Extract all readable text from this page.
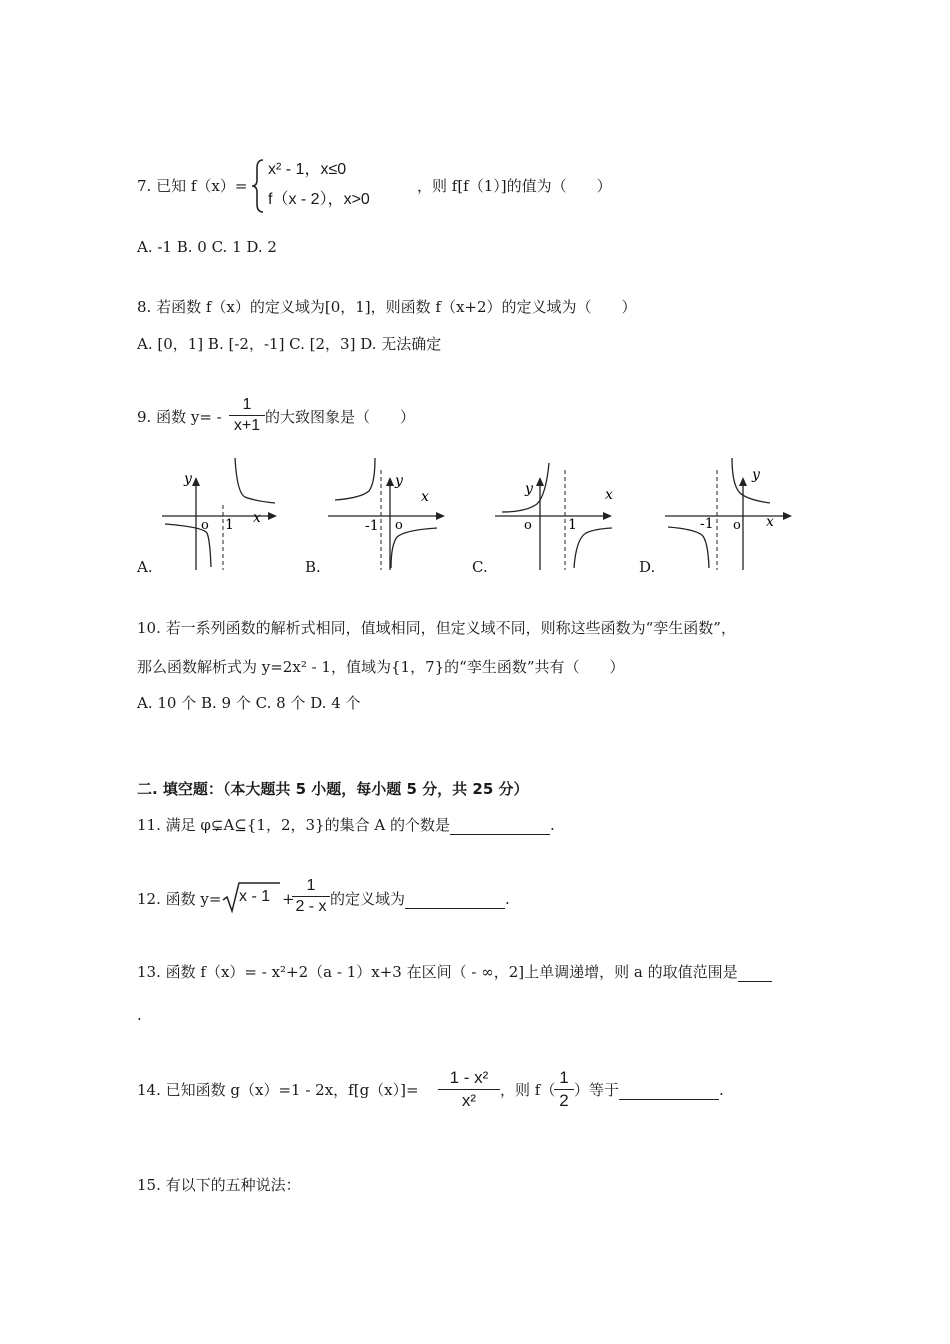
7. 已知 f（x）=
x² - 1，x≤0
f（x - 2），x>0
，则 f[f（1）]的值为（　　）
A. -1 B. 0 C. 1 D. 2
8. 若函数 f（x）的定义域为[0，1]，则函数 f（x+2）的定义域为（　　）
A. [0，1] B. [-2，-1] C. [2，3] D. 无法确定
9. 函数 y= -
1
x+1 的大致图象是（　　）
y
x
o 1
A.
y
x
-1 o
B.
y	x
o	1
C.
y
x
-1 o
D.
10. 若一系列函数的解析式相同，值域相同，但定义域不同，则称这些函数为“孪生函数”，
那么函数解析式为 y=2x² - 1，值域为{1，7}的“孪生函数”共有（　　）
A. 10 个 B. 9 个 C. 8 个 D. 4 个
二. 填空题：（本大题共 5 小题，每小题 5 分，共 25 分）
11. 满足 φ⊊A⊆{1，2，3}的集合 A 的个数是	.
12. 函数 y= x - 1 +
1
2 - x 的定义域为	.
13. 函数 f（x）= - x²+2（a - 1）x+3 在区间（ - ∞，2]上单调递增，则 a 的取值范围是
.
14. 已知函数 g（x）=1 - 2x，f[g（x）]=
1 - x²
x²
，则 f（
1
2
）等于	.
15. 有以下的五种说法：
